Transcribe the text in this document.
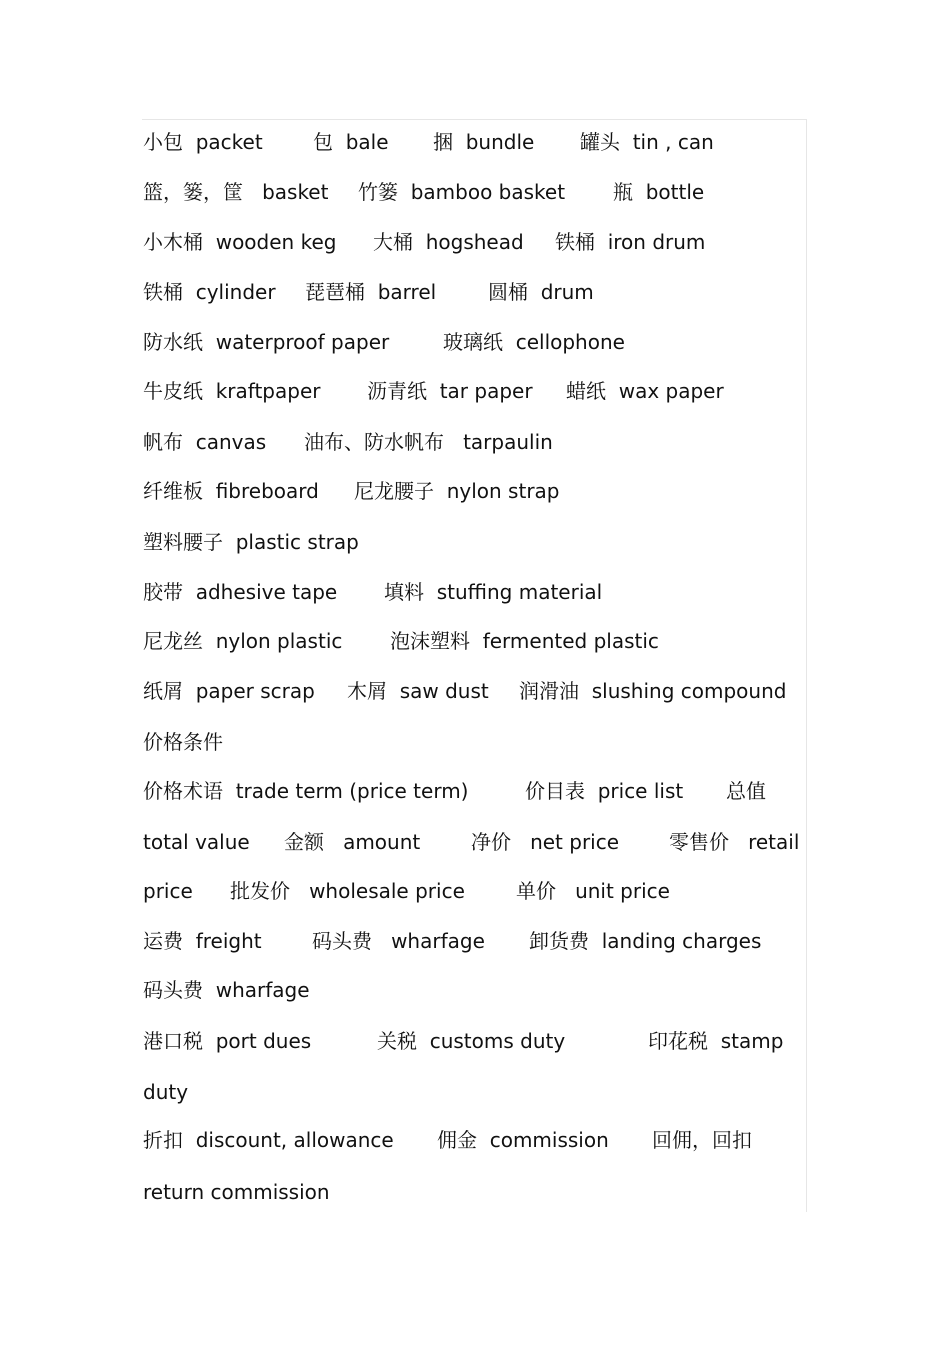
小包  packet	包  bale 捆  bundle 罐头  tin , can
篮，篓，筐   basket 竹篓  bamboo basket 瓶  bottle
小木桶  wooden keg 大桶  hogshead 铁桶  iron drum
铁桶  cylinder 琵琶桶  barrel	圆桶  drum
防水纸  waterproof paper	玻璃纸  cellophone
牛皮纸  kraftpaper 沥青纸  tar paper 蜡纸  wax paper
帆布  canvas 油布、防水帆布   tarpaulin
纤维板  fibreboard 尼龙腰子  nylon strap
塑料腰子  plastic strap
胶带  adhesive tape 填料  stuffing material
尼龙丝  nylon plastic 泡沫塑料  fermented plastic
纸屑  paper scrap 木屑  saw dust 润滑油  slushing compound
价格条件
价格术语  trade term (price term)	价目表  price list 总值
total value 金额   amount	净价   net price 零售价   retail
price 批发价   wholesale price	单价   unit price
运费  freight	码头费   wharfage 卸货费  landing charges
码头费  wharfage
港口税  port dues	关税  customs duty	印花税  stamp
duty
折扣  discount, allowance 佣金  commission 回佣，回扣
return commission
